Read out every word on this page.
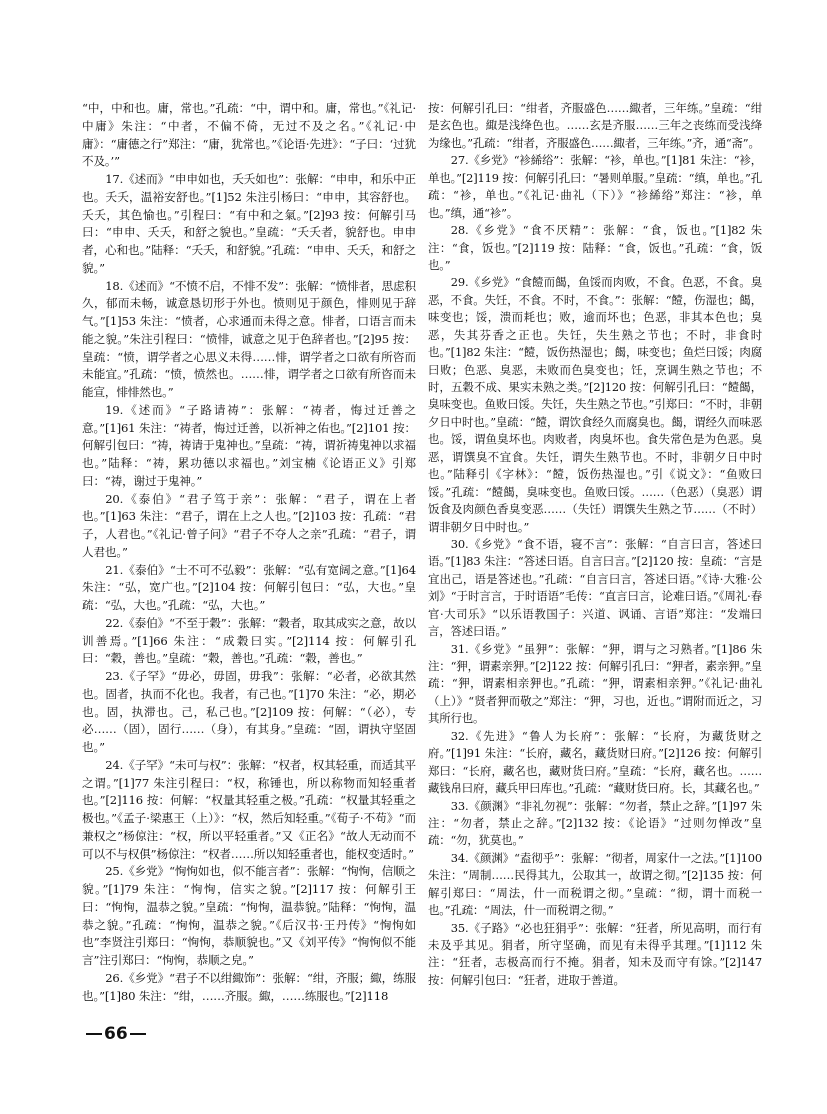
“中，中和也。庸，常也。”孔疏：“中，谓中和。庸，常也。”《礼记·中庸》朱注：“中者，不偏不倚，无过不及之名。”《礼记·中庸》：“庸德之行”郑注：“庸，犹常也。”《论语·先进》：“子曰：‘过犹不及。’”

17.《述而》“申申如也，夭夭如也”：张解：“申申，和乐中正也。夭夭，温裕安舒也。”[1]52 朱注引杨曰：“申申，其容舒也。夭夭，其色愉也。”引程曰：“有中和之氣。”[2]93 按：何解引马曰：“申申、夭夭，和舒之貌也。”皇疏：“夭夭者，貌舒也。申申者，心和也。”陆释：“夭夭，和舒貌。”孔疏：“申申、夭夭，和舒之貌。”

18.《述而》“不愤不启，不悱不发”：张解：“愤悱者，思虑积久，郁而未畅，诚意恳切形于外也。愤则见于颜色，悱则见于辞气。”[1]53 朱注：“愤者，心求通而未得之意。悱者，口语言而未能之貌。”朱注引程曰：“愤悱，诚意之见于色辞者也。”[2]95 按：皇疏：“愤，谓学者之心思义未得……悱，谓学者之口欲有所咨而未能宜。”孔疏：“愤，愤然也。……悱，谓学者之口欲有所咨而未能宣，悱悱然也。”

19.《述而》“子路请祷”：张解：“祷者，悔过迁善之意。”[1]61 朱注：“祷者，悔过迁善，以祈神之佑也。”[2]101 按：何解引包曰：“祷，祷请于鬼神也。”皇疏：“祷，谓祈祷鬼神以求福也。”陆释：“祷，累功德以求福也。”刘宝楠《论语正义》引郑曰：“祷，谢过于鬼神。”

20.《泰伯》“君子笃于亲”：张解：“君子，谓在上者也。”[1]63 朱注：“君子，谓在上之人也。”[2]103 按：孔疏：“君子，人君也。”《礼记·曾子问》“君子不夺人之亲”孔疏：“君子，谓人君也。”

21.《泰伯》“士不可不弘毅”：张解：“弘有宽阔之意。”[1]64 朱注：“弘，宽广也。”[2]104 按：何解引包曰：“弘，大也。”皇疏：“弘，大也。”孔疏：“弘，大也。”

22.《泰伯》“不至于穀”：张解：“穀者，取其成实之意，故以训善焉。”[1]66 朱注：“成穀曰实。”[2]114 按：何解引孔曰：“穀，善也。”皇疏：“穀，善也。”孔疏：“穀，善也。”

23.《子罕》“毋必，毋固，毋我”：张解：“必者，必欲其然也。固者，执而不化也。我者，有己也。”[1]70 朱注：“必，期必也。固，执滞也。己，私己也。”[2]109 按：何解：“（必），专必……（固），固行……（身），有其身。”皇疏：“固，谓执守坚固也。”

24.《子罕》“未可与权”：张解：“权者，权其轻重，而适其平之谓。”[1]77 朱注引程曰：“权，称锤也，所以称物而知轻重者也。”[2]116 按：何解：“权量其轻重之极。”孔疏：“权量其轻重之极也。”《孟子·梁惠王（上）》：“权，然后知轻重。”《荀子·不苟》“而兼权之”杨倞注：“权，所以平轻重者。”又《正名》“故人无动而不可以不与权俱”杨倞注：“权者……所以知轻重者也，能权变适时。”

25.《乡党》“恂恂如也，似不能言者”：张解：“恂恂，信顺之貌。”[1]79 朱注：“恂恂，信实之貌。”[2]117 按：何解引王曰：“恂恂，温恭之貌。”皇疏：“恂恂，温恭貌。”陆释：“恂恂，温恭之貌。”孔疏：“恂恂，温恭之貌。”《后汉书·王丹传》“恂恂如也”李贤注引郑曰：“恂恂，恭顺貌也。”又《刘平传》“恂恂似不能言”注引郑曰：“恂恂，恭顺之皃。”

26.《乡党》“君子不以绀緅饰”：张解：“绀，齐服；緅，练服也。”[1]80 朱注：“绀，……齐服。緅，……练服也。”[2]118

按：何解引孔曰：“绀者，齐服盛色……緅者，三年练。”皇疏：“绀是玄色也。緅是浅绛色也。……玄是齐服……三年之丧练而受浅绛为缘也。”孔疏：“绀者，齐服盛色……緅者，三年练。”齐，通“斋”。

27.《乡党》“袗絺绤”：张解：“袗，单也。”[1]81 朱注：“袗，单也。”[2]119 按：何解引孔曰：“暑则单服。”皇疏：“缜，单也。”孔疏：“袗，单也。”《礼记·曲礼（下）》“袗絺绤”郑注：“袗，单也。”缜，通“袗”。

28.《乡党》“食不厌精”：张解：“食，饭也。”[1]82 朱注：“食，饭也。”[2]119 按：陆释：“食，饭也。”孔疏：“食，饭也。”

29.《乡党》“食饐而餲，鱼馁而肉败，不食。色恶，不食。臭恶，不食。失饪，不食。不时，不食。”：张解：“饐，伤湿也；餲，味变也；馁，溃而耗也；败，逾而坏也；色恶，非其本色也；臭恶，失其芬香之正也。失饪，失生熟之节也；不时，非食时也。”[1]82 朱注：“饐，饭伤热湿也；餲，味变也；鱼烂曰馁；肉腐曰败；色恶、臭恶，未败而色臭变也；饪，烹调生熟之节也；不时，五穀不成、果实未熟之类。”[2]120 按：何解引孔曰：“饐餲，臭味变也。鱼败曰馁。失饪，失生熟之节也。”引郑曰：“不时，非朝夕日中时也。”皇疏：“饐，谓饮食经久而腐臭也。餲，谓经久而味恶也。馁，谓鱼臭坏也。肉败者，肉臭坏也。食失常色是为色恶。臭恶，谓馔臭不宜食。失饪，谓失生熟节也。不时，非朝夕日中时也。”陆释引《字林》：“饐，饭伤热湿也。”引《说文》：“鱼败曰馁。”孔疏：“饐餲，臭味变也。鱼败曰馁。……（色恶）（臭恶）谓饭食及肉颜色香臭变恶……（失饪）谓馔失生熟之节……（不时）谓非朝夕日中时也。”

30.《乡党》“食不语，寝不言”：张解：“自言曰言，答述曰语。”[1]83 朱注：“答述曰语。自言曰言。”[2]120 按：皇疏：“言是宜出己，语是答述也。”孔疏：“自言曰言，答述曰语。”《诗·大雅·公刘》“于时言言，于时语语”毛传：“直言曰言，论难曰语。”《周礼·春官·大司乐》“以乐语教国子：兴道、讽诵、言语”郑注：“发端曰言，答述曰语。”

31.《乡党》“虽狎”：张解：“狎，谓与之习熟者。”[1]86 朱注：“狎，谓素亲狎。”[2]122 按：何解引孔曰：“狎者，素亲狎。”皇疏：“狎，谓素相亲狎也。”孔疏：“狎，谓素相亲狎。”《礼记·曲礼（上）》“贤者狎而敬之”郑注：“狎，习也，近也。”谓附而近之，习其所行也。

32.《先进》“鲁人为长府”：张解：“长府，为藏货财之府。”[1]91 朱注：“长府，藏名，藏货财曰府。”[2]126 按：何解引郑曰：“长府，藏名也，藏财货曰府。”皇疏：“长府，藏名也。……藏钱帛曰府，藏兵甲曰库也。”孔疏：“藏财货曰府。长，其藏名也。”

33.《颜渊》“非礼勿视”：张解：“勿者，禁止之辞。”[1]97 朱注：“勿者，禁止之辞。”[2]132 按：《论语》“过则勿惮改”皇疏：“勿，犹莫也。”

34.《颜渊》“盍彻乎”：张解：“彻者，周家什一之法。”[1]100 朱注：“周制……民得其九，公取其一，故谓之彻。”[2]135 按：何解引郑曰：“周法，什一而税谓之彻。”皇疏：“彻，谓十而税一也。”孔疏：“周法，什一而税谓之彻。”

35.《子路》“必也狂狷乎”：张解：“狂者，所见高明，而行有未及乎其见。狷者，所守坚确，而见有未得乎其理。”[1]112 朱注：“狂者，志极高而行不掩。狷者，知未及而守有馀。”[2]147 按：何解引包曰：“狂者，进取于善道。

66
